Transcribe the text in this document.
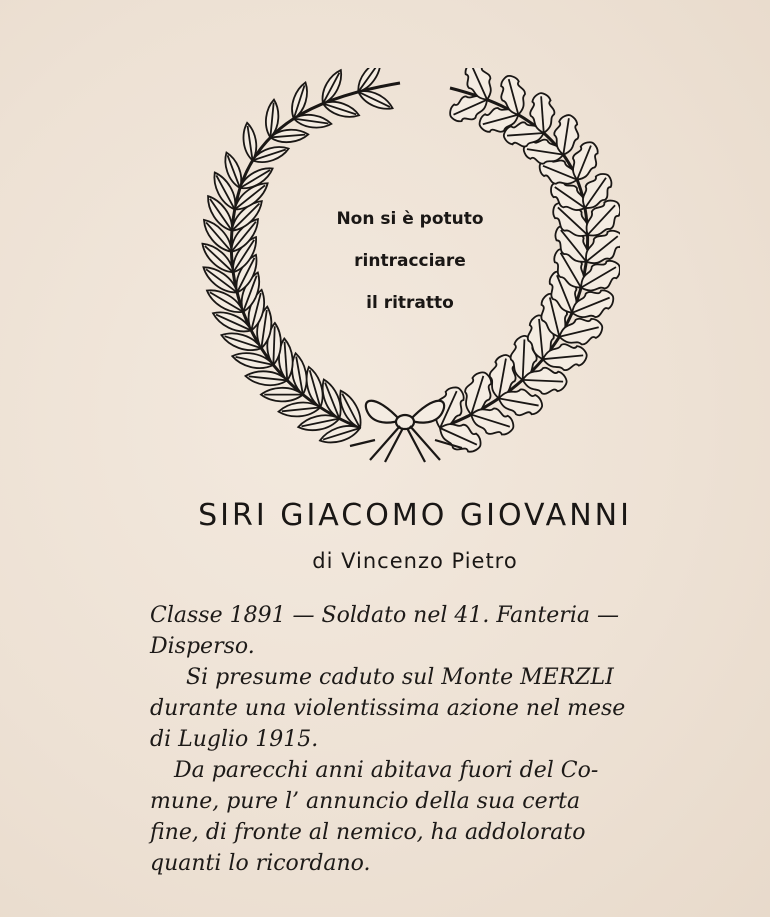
Non si è potuto
rintracciare
il ritratto
SIRI GIACOMO GIOVANNI
di Vincenzo Pietro
Classe 1891 — Soldato nel 41. Fanteria —
Disperso.
Si presume caduto sul Monte MERZLI
durante una violentissima azione nel mese
di Luglio 1915.
Da parecchi anni abitava fuori del Co-
mune, pure l’ annuncio della sua certa
fine, di fronte al nemico, ha addolorato
quanti lo ricordano.
